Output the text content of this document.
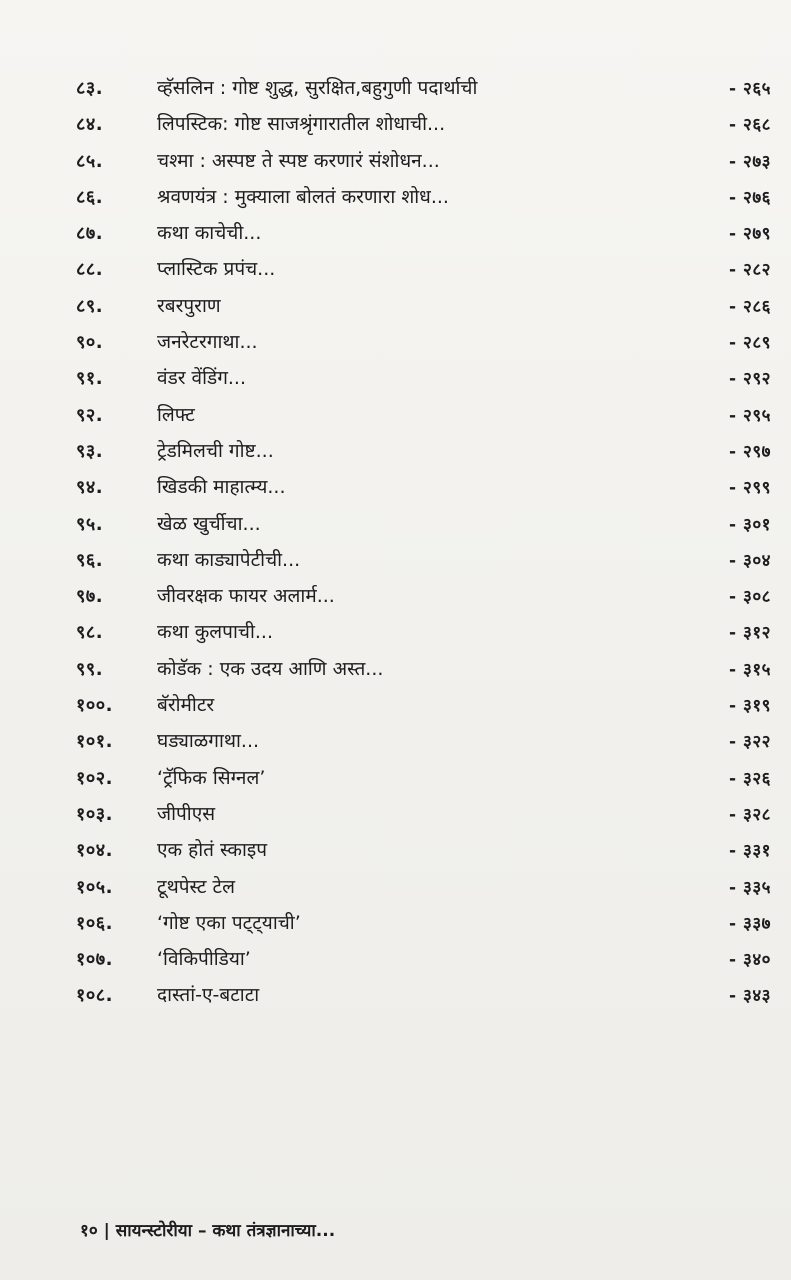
८३.	व्हॅसलिन : गोष्ट शुद्ध, सुरक्षित,बहुगुणी पदार्थाची	- २६५
८४.	लिपस्टिक: गोष्ट साजश्रृंगारातील शोधाची...	- २६८
८५.	चश्मा : अस्पष्ट ते स्पष्ट करणारं संशोधन...	- २७३
८६.	श्रवणयंत्र : मुक्याला बोलतं करणारा शोध...	- २७६
८७.	कथा काचेची...	- २७९
८८.	प्लास्टिक प्रपंच...	- २८२
८९.	रबरपुराण	- २८६
९०.	जनरेटरगाथा...	- २८९
९१.	वंडर वेंडिंग...	- २९२
९२.	लिफ्ट	- २९५
९३.	ट्रेडमिलची गोष्ट...	- २९७
९४.	खिडकी माहात्म्य...	- २९९
९५.	खेळ खुर्चीचा...	- ३०१
९६.	कथा काड्यापेटीची...	- ३०४
९७.	जीवरक्षक फायर अलार्म...	- ३०८
९८.	कथा कुलपाची...	- ३१२
९९.	कोडॅक : एक उदय आणि अस्त...	- ३१५
१००. बॅरोमीटर	- ३१९
१०१. घड्याळगाथा...	- ३२२
१०२. ‘ट्रॅफिक सिग्नल’	- ३२६
१०३. जीपीएस	- ३२८
१०४. एक होतं स्काइप	- ३३१
१०५. टूथपेस्ट टेल	- ३३५
१०६. ‘गोष्ट एका पट्ट्याची’	- ३३७
१०७. ‘विकिपीडिया’	- ३४०
१०८. दास्तां-ए-बटाटा	- ३४३
१० | सायन्स्टोरीया – कथा तंत्रज्ञानाच्या...
